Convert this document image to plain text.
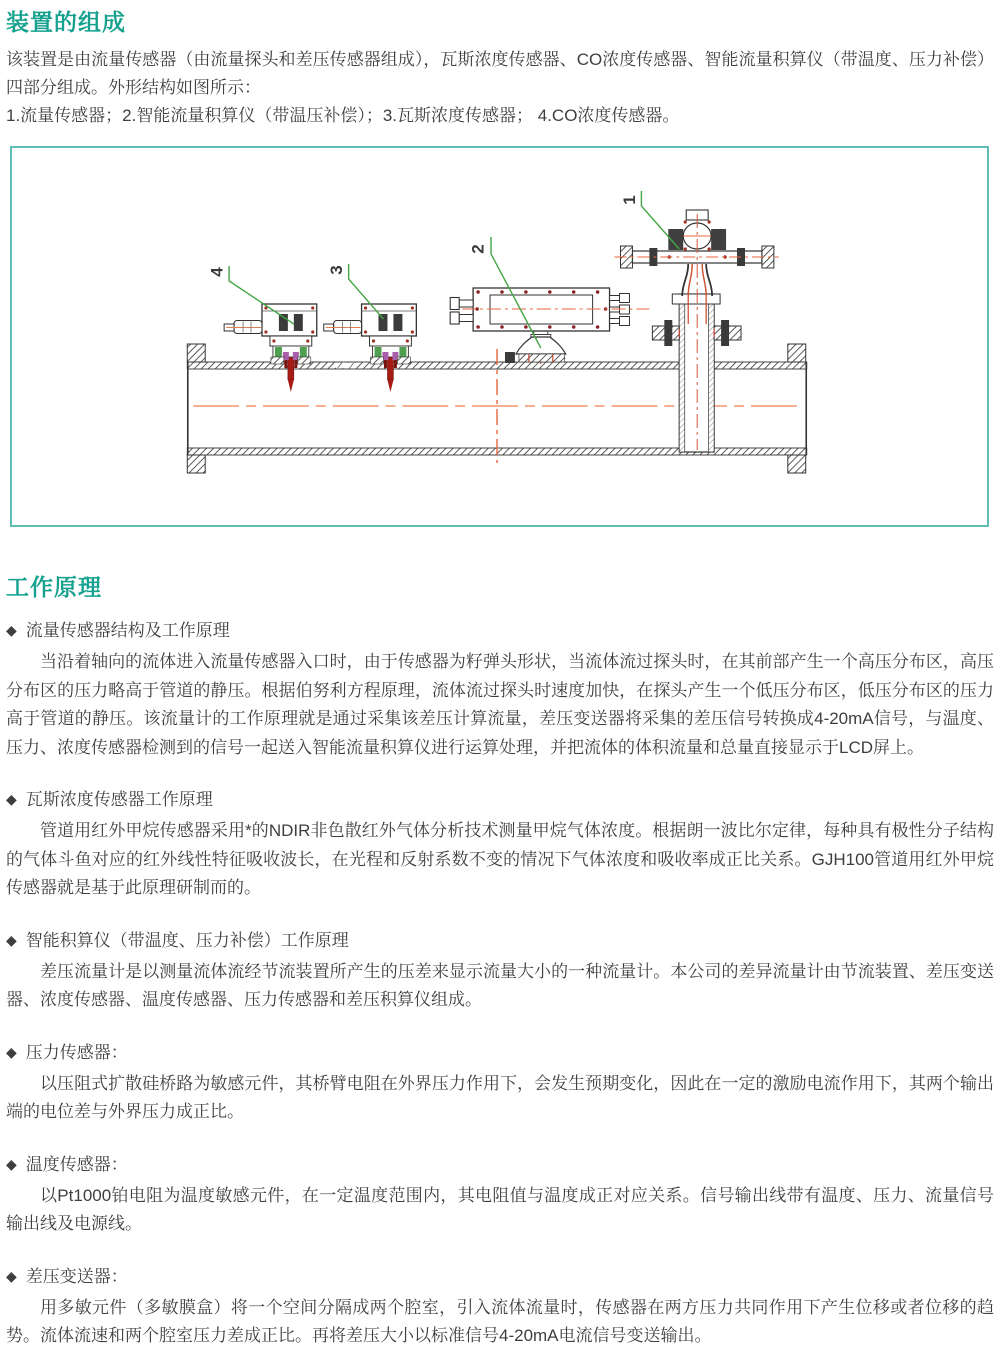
装置的组成

该装置是由流量传感器（由流量探头和差压传感器组成），瓦斯浓度传感器、CO浓度传感器、智能流量积算仪（带温度、压力补偿）四部分组成。外形结构如图所示：

1.流量传感器；2.智能流量积算仪（带温压补偿）；3.瓦斯浓度传感器； 4.CO浓度传感器。

1
2
3
4
工作原理

◆ 流量传感器结构及工作原理

当沿着轴向的流体进入流量传感器入口时，由于传感器为籽弹头形状，当流体流过探头时，在其前部产生一个高压分布区，高压分布区的压力略高于管道的静压。根据伯努利方程原理，流体流过探头时速度加快，在探头产生一个低压分布区，低压分布区的压力高于管道的静压。该流量计的工作原理就是通过采集该差压计算流量，差压变送器将采集的差压信号转换成4-20mA信号，与温度、压力、浓度传感器检测到的信号一起送入智能流量积算仪进行运算处理，并把流体的体积流量和总量直接显示于LCD屏上。

◆ 瓦斯浓度传感器工作原理

管道用红外甲烷传感器采用*的NDIR非色散红外气体分析技术测量甲烷气体浓度。根据朗一波比尔定律，每种具有极性分子结构的气体斗鱼对应的红外线性特征吸收波长，在光程和反射系数不变的情况下气体浓度和吸收率成正比关系。GJH100管道用红外甲烷传感器就是基于此原理研制而的。

◆ 智能积算仪（带温度、压力补偿）工作原理

差压流量计是以测量流体流经节流装置所产生的压差来显示流量大小的一种流量计。本公司的差异流量计由节流装置、差压变送器、浓度传感器、温度传感器、压力传感器和差压积算仪组成。

◆ 压力传感器：

以压阻式扩散硅桥路为敏感元件，其桥臂电阻在外界压力作用下，会发生预期变化，因此在一定的激励电流作用下，其两个输出端的电位差与外界压力成正比。

◆ 温度传感器：

以Pt1000铂电阻为温度敏感元件，在一定温度范围内，其电阻值与温度成正对应关系。信号输出线带有温度、压力、流量信号输出线及电源线。

◆ 差压变送器：

用多敏元件（多敏膜盒）将一个空间分隔成两个腔室，引入流体流量时，传感器在两方压力共同作用下产生位移或者位移的趋势。流体流速和两个腔室压力差成正比。再将差压大小以标准信号4-20mA电流信号变送输出。
